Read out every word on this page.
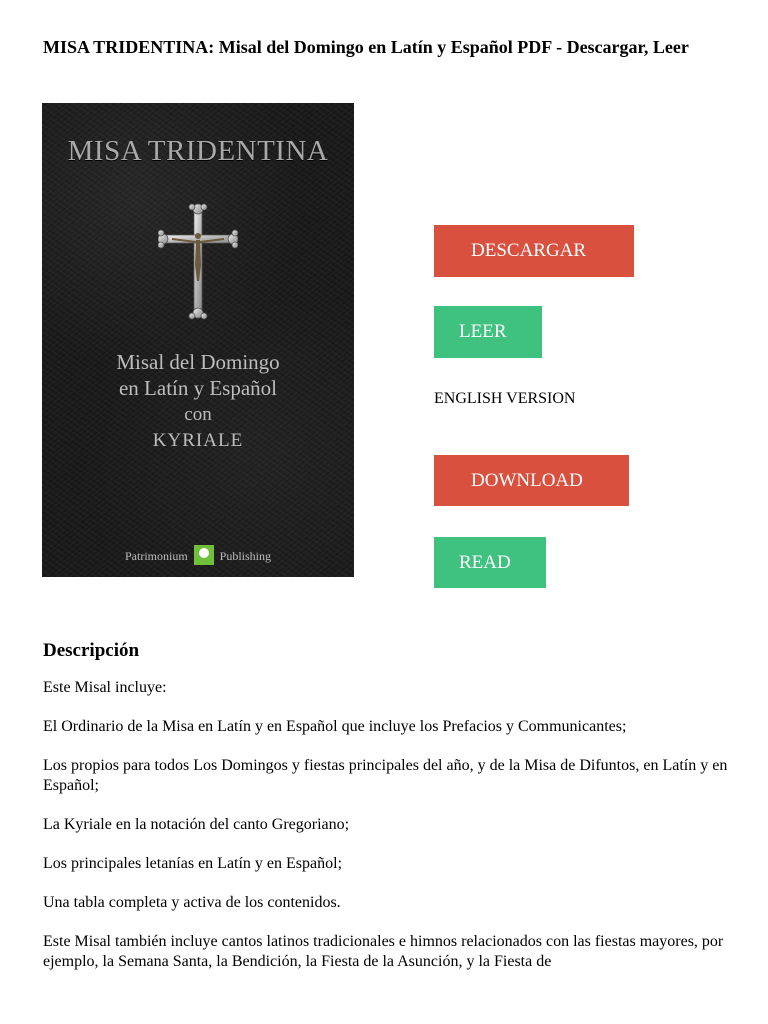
MISA TRIDENTINA: Misal del Domingo en Latín y Español PDF - Descargar, Leer
MISA TRIDENTINA
Misal del Domingo
en Latín y Español
con
KYRIALE
Patrimonium	Publishing
DESCARGAR
LEER
ENGLISH VERSION
DOWNLOAD
READ
Descripción

Este Misal incluye:

El Ordinario de la Misa en Latín y en Español que incluye los Prefacios y Communicantes;

Los propios para todos Los Domingos y fiestas principales del año, y de la Misa de Difuntos, en Latín y en Español;

La Kyriale en la notación del canto Gregoriano;

Los principales letanías en Latín y en Español;

Una tabla completa y activa de los contenidos.

Este Misal también incluye cantos latinos tradicionales e himnos relacionados con las fiestas mayores, por ejemplo, la Semana Santa, la Bendición, la Fiesta de la Asunción, y la Fiesta de
